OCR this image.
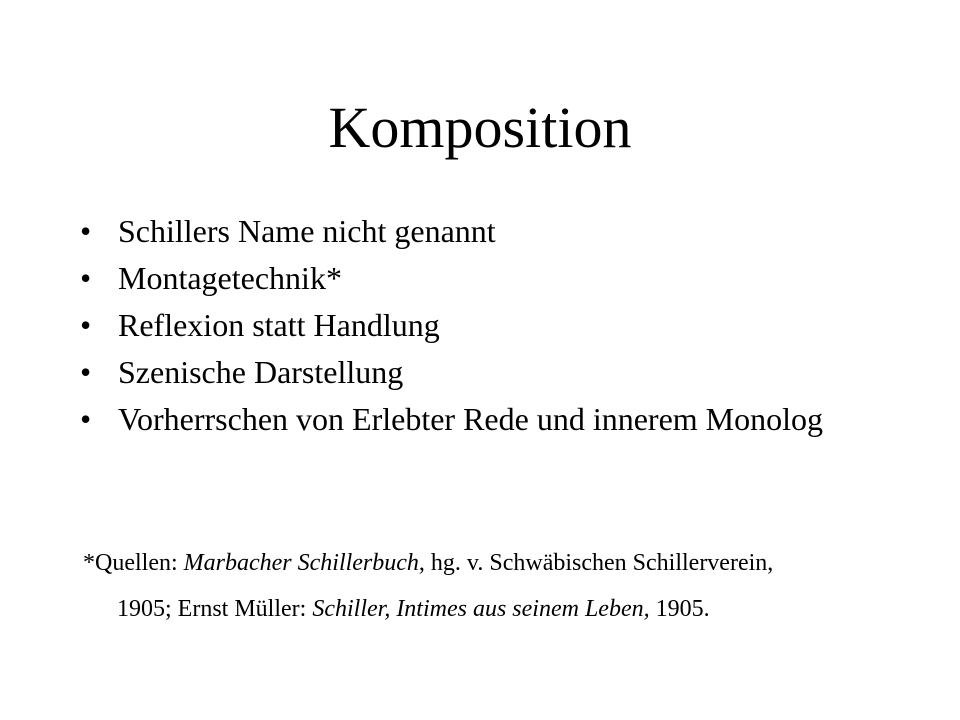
Komposition
• Schillers Name nicht genannt
• Montagetechnik*
• Reflexion statt Handlung
• Szenische Darstellung
• Vorherrschen von Erlebter Rede und innerem Monolog
*Quellen: Marbacher Schillerbuch, hg. v. Schwäbischen Schillerverein,
1905; Ernst Müller: Schiller, Intimes aus seinem Leben, 1905.
